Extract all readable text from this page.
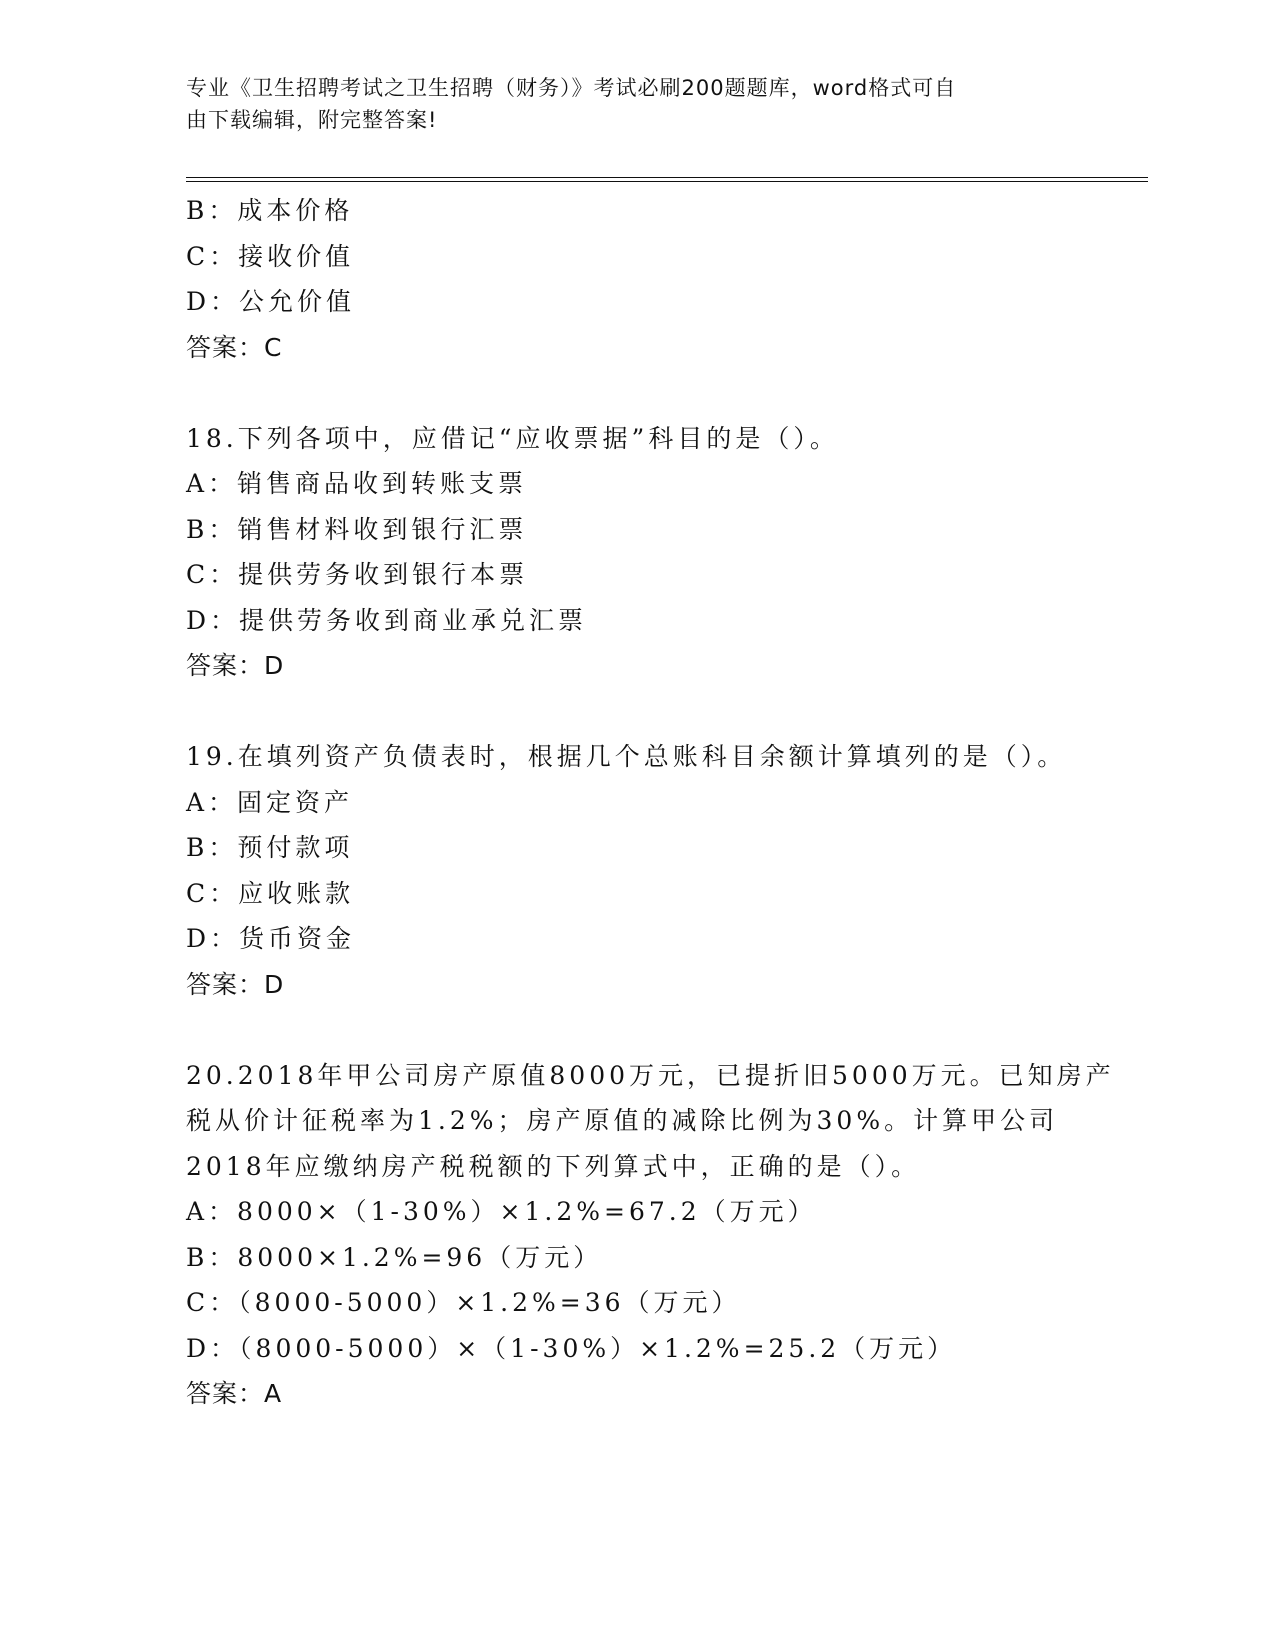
专业《卫生招聘考试之卫生招聘（财务）》考试必刷200题题库，word格式可自
由下载编辑，附完整答案!
B：成本价格
C：接收价值
D：公允价值
答案：C
18.下列各项中，应借记“应收票据”科目的是（）。
A：销售商品收到转账支票
B：销售材料收到银行汇票
C：提供劳务收到银行本票
D：提供劳务收到商业承兑汇票
答案：D
19.在填列资产负债表时，根据几个总账科目余额计算填列的是（）。
A：固定资产
B：预付款项
C：应收账款
D：货币资金
答案：D
20.2018年甲公司房产原值8000万元，已提折旧5000万元。已知房产
税从价计征税率为1.2%；房产原值的减除比例为30%。计算甲公司
2018年应缴纳房产税税额的下列算式中，正确的是（）。
A：8000×（1-30%）×1.2%=67.2（万元）
B：8000×1.2%=96（万元）
C：（8000-5000）×1.2%=36（万元）
D：（8000-5000）×（1-30%）×1.2%=25.2（万元）
答案：A
